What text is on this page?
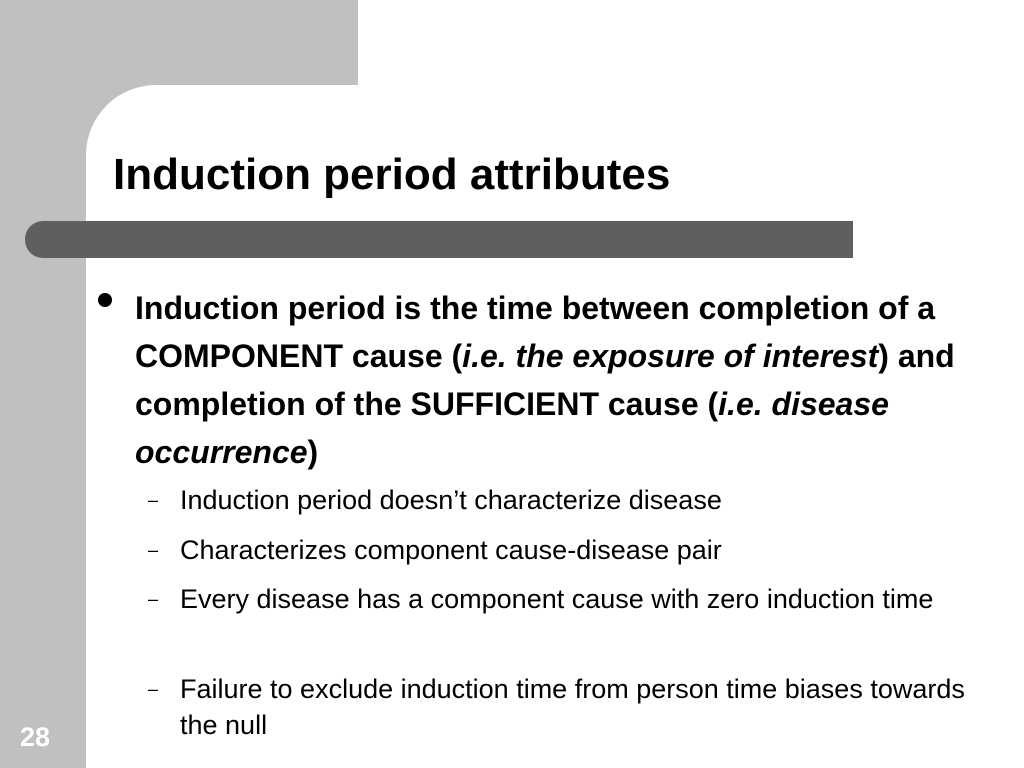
Induction period attributes
Induction period is the time between completion of a COMPONENT cause (i.e. the exposure of interest) and completion of the SUFFICIENT cause (i.e. disease occurrence)
– Induction period doesn’t characterize disease
– Characterizes component cause-disease pair
– Every disease has a component cause with zero induction time
– Failure to exclude induction time from person time biases towards the null
28
